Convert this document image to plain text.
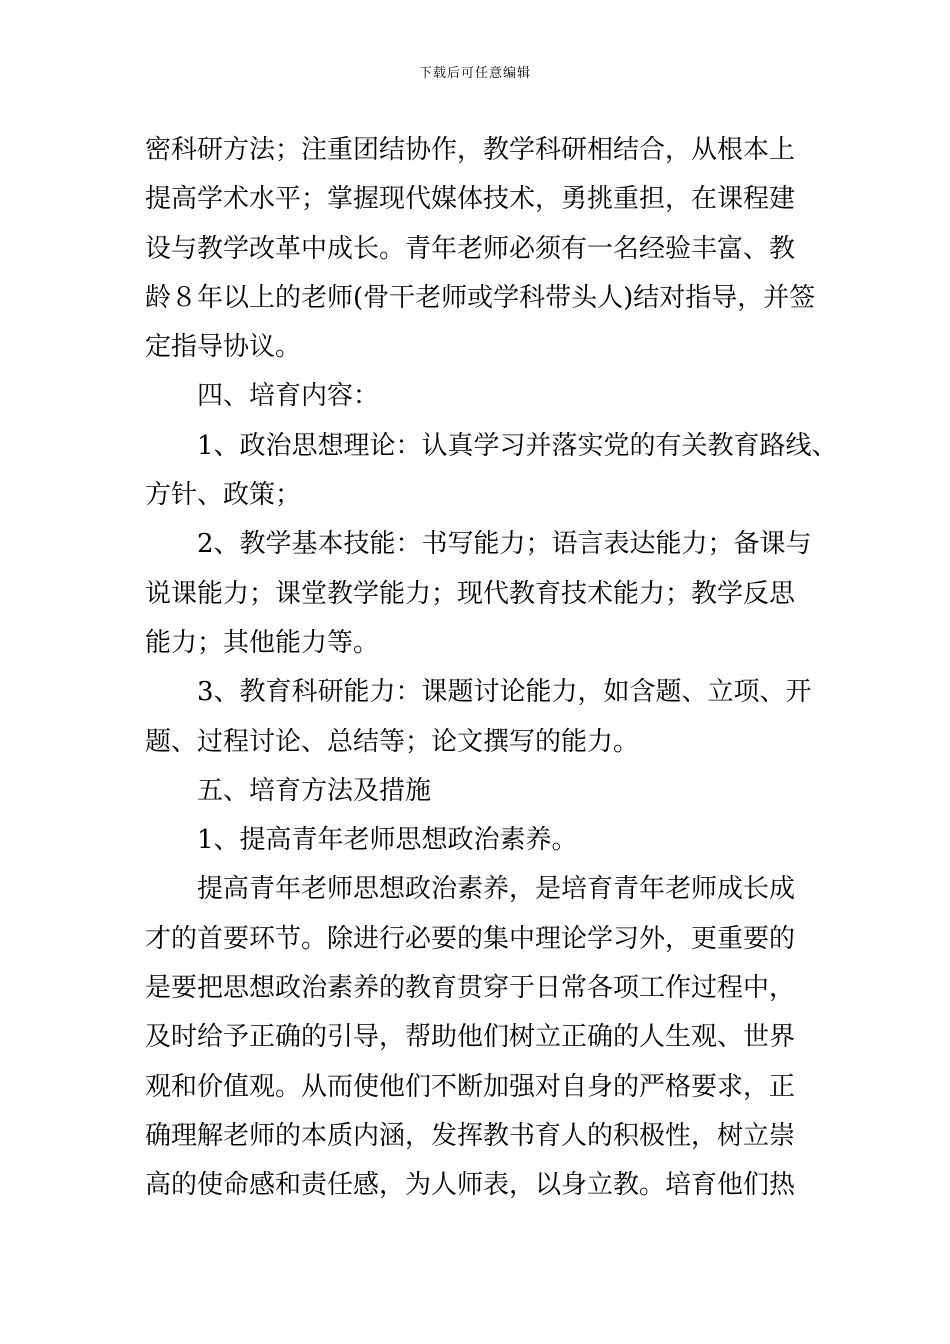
下载后可任意编辑
密科研方法；注重团结协作，教学科研相结合，从根本上
提高学术水平；掌握现代媒体技术，勇挑重担，在课程建
设与教学改革中成长。青年老师必须有一名经验丰富、教
龄８年以上的老师(骨干老师或学科带头人)结对指导，并签
定指导协议。
四、培育内容：
1、政治思想理论：认真学习并落实党的有关教育路线、
方针、政策；
2、教学基本技能：书写能力；语言表达能力；备课与
说课能力；课堂教学能力；现代教育技术能力；教学反思
能力；其他能力等。
3、教育科研能力：课题讨论能力，如含题、立项、开
题、过程讨论、总结等；论文撰写的能力。
五、培育方法及措施
1、提高青年老师思想政治素养。
提高青年老师思想政治素养，是培育青年老师成长成
才的首要环节。除进行必要的集中理论学习外，更重要的
是要把思想政治素养的教育贯穿于日常各项工作过程中，
及时给予正确的引导，帮助他们树立正确的人生观、世界
观和价值观。从而使他们不断加强对自身的严格要求，正
确理解老师的本质内涵，发挥教书育人的积极性，树立崇
高的使命感和责任感，为人师表，以身立教。培育他们热
